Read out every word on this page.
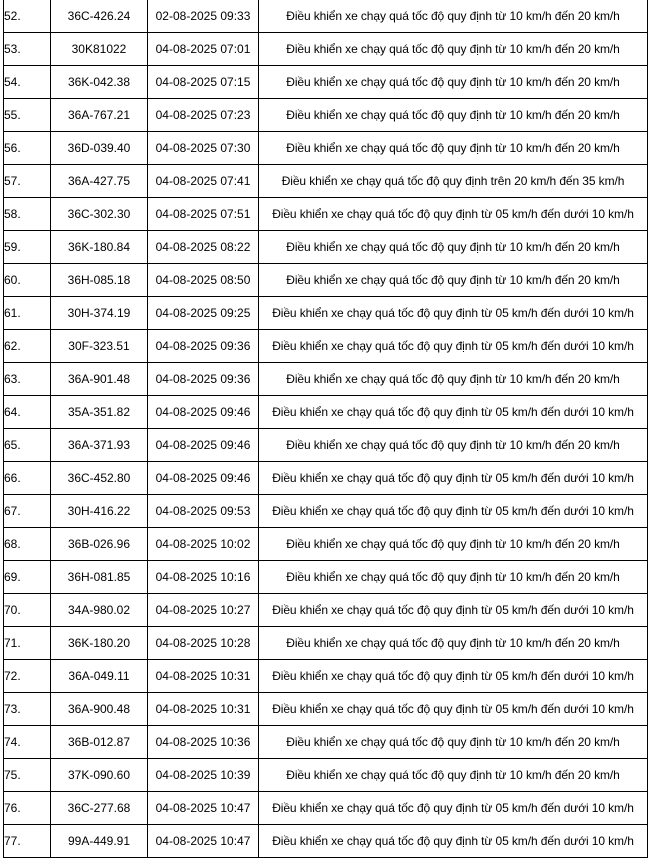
52.	36C-426.24	02-08-2025 09:33	Điều khiển xe chạy quá tốc độ quy định từ 10 km/h đến 20 km/h
53.	30K81022	04-08-2025 07:01	Điều khiển xe chạy quá tốc độ quy định từ 10 km/h đến 20 km/h
54.	36K-042.38	04-08-2025 07:15	Điều khiển xe chạy quá tốc độ quy định từ 10 km/h đến 20 km/h
55.	36A-767.21	04-08-2025 07:23	Điều khiển xe chạy quá tốc độ quy định từ 10 km/h đến 20 km/h
56.	36D-039.40	04-08-2025 07:30	Điều khiển xe chạy quá tốc độ quy định từ 10 km/h đến 20 km/h
57.	36A-427.75	04-08-2025 07:41	Điều khiển xe chạy quá tốc độ quy định trên 20 km/h đến 35 km/h
58.	36C-302.30	04-08-2025 07:51	Điều khiển xe chạy quá tốc độ quy định từ 05 km/h đến dưới 10 km/h
59.	36K-180.84	04-08-2025 08:22	Điều khiển xe chạy quá tốc độ quy định từ 10 km/h đến 20 km/h
60.	36H-085.18	04-08-2025 08:50	Điều khiển xe chạy quá tốc độ quy định từ 10 km/h đến 20 km/h
61.	30H-374.19	04-08-2025 09:25	Điều khiển xe chạy quá tốc độ quy định từ 05 km/h đến dưới 10 km/h
62.	30F-323.51	04-08-2025 09:36	Điều khiển xe chạy quá tốc độ quy định từ 05 km/h đến dưới 10 km/h
63.	36A-901.48	04-08-2025 09:36	Điều khiển xe chạy quá tốc độ quy định từ 10 km/h đến 20 km/h
64.	35A-351.82	04-08-2025 09:46	Điều khiển xe chạy quá tốc độ quy định từ 05 km/h đến dưới 10 km/h
65.	36A-371.93	04-08-2025 09:46	Điều khiển xe chạy quá tốc độ quy định từ 10 km/h đến 20 km/h
66.	36C-452.80	04-08-2025 09:46	Điều khiển xe chạy quá tốc độ quy định từ 05 km/h đến dưới 10 km/h
67.	30H-416.22	04-08-2025 09:53	Điều khiển xe chạy quá tốc độ quy định từ 05 km/h đến dưới 10 km/h
68.	36B-026.96	04-08-2025 10:02	Điều khiển xe chạy quá tốc độ quy định từ 10 km/h đến 20 km/h
69.	36H-081.85	04-08-2025 10:16	Điều khiển xe chạy quá tốc độ quy định từ 10 km/h đến 20 km/h
70.	34A-980.02	04-08-2025 10:27	Điều khiển xe chạy quá tốc độ quy định từ 05 km/h đến dưới 10 km/h
71.	36K-180.20	04-08-2025 10:28	Điều khiển xe chạy quá tốc độ quy định từ 10 km/h đến 20 km/h
72.	36A-049.11	04-08-2025 10:31	Điều khiển xe chạy quá tốc độ quy định từ 05 km/h đến dưới 10 km/h
73.	36A-900.48	04-08-2025 10:31	Điều khiển xe chạy quá tốc độ quy định từ 05 km/h đến dưới 10 km/h
74.	36B-012.87	04-08-2025 10:36	Điều khiển xe chạy quá tốc độ quy định từ 10 km/h đến 20 km/h
75.	37K-090.60	04-08-2025 10:39	Điều khiển xe chạy quá tốc độ quy định từ 10 km/h đến 20 km/h
76.	36C-277.68	04-08-2025 10:47	Điều khiển xe chạy quá tốc độ quy định từ 05 km/h đến dưới 10 km/h
77.	99A-449.91	04-08-2025 10:47	Điều khiển xe chạy quá tốc độ quy định từ 05 km/h đến dưới 10 km/h
